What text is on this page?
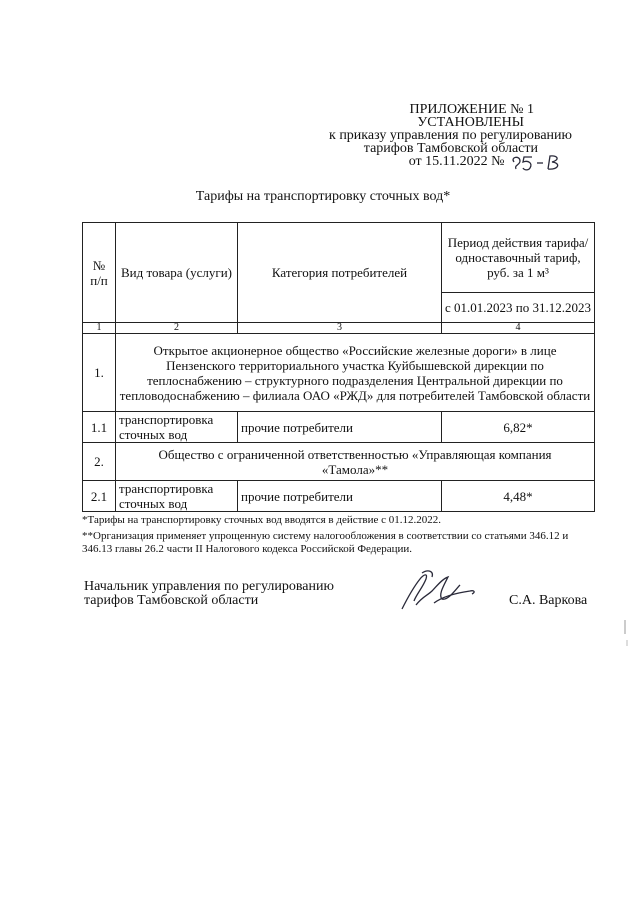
ПРИЛОЖЕНИЕ № 1
УСТАНОВЛЕНЫ
к приказу управления по регулированию
тарифов Тамбовской области
от 15.11.2022 №
Тарифы на транспортировку сточных вод*
№ п/п	Вид товара (услуги)	Категория потребителей	Период действия тарифа/одноставочный тариф, руб. за 1 м³
			с 01.01.2023 по 31.12.2023
1	2	3	4
1.	Открытое акционерное общество «Российские железные дороги» в лице Пензенского территориального участка Куйбышевской дирекции по теплоснабжению – структурного подразделения Центральной дирекции по тепловодоснабжению – филиала ОАО «РЖД» для потребителей Тамбовской области		
1.1	транспортировка сточных вод	прочие потребители	6,82*
2.	Общество с ограниченной ответственностью «Управляющая компания «Тамола»**		
2.1	транспортировка сточных вод	прочие потребители	4,48*
*Тарифы на транспортировку сточных вод вводятся в действие с 01.12.2022.
**Организация применяет упрощенную систему налогообложения в соответствии со статьями 346.12 и 346.13 главы 26.2 части II Налогового кодекса Российской Федерации.
Начальник управления по регулированию
тарифов Тамбовской области	С.А. Варкова
